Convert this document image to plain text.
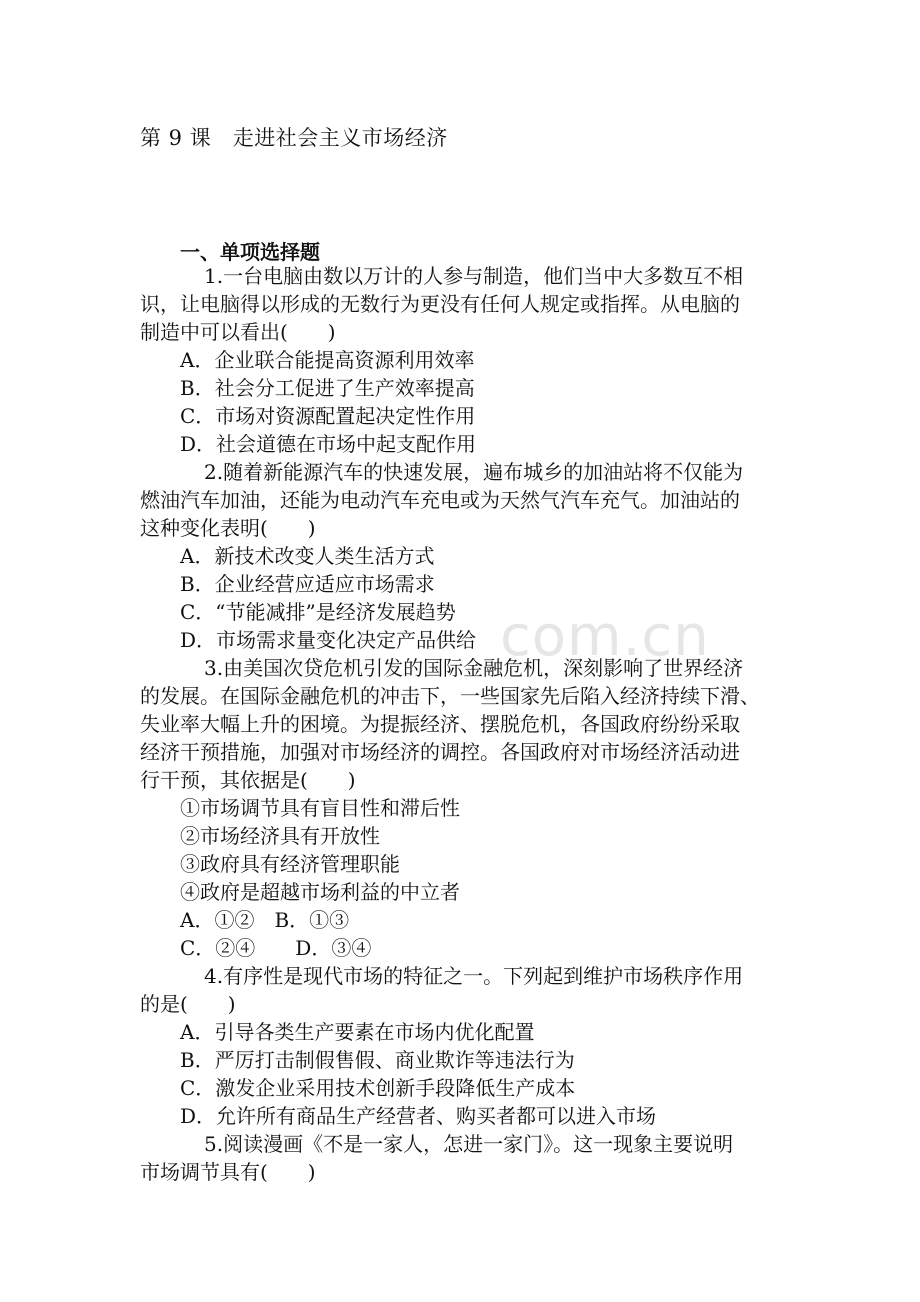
com.cn
第 9 课　走进社会主义市场经济
一、单项选择题
1.一台电脑由数以万计的人参与制造，他们当中大多数互不相
识，让电脑得以形成的无数行为更没有任何人规定或指挥。从电脑的
制造中可以看出(　　)
A．企业联合能提高资源利用效率
B．社会分工促进了生产效率提高
C．市场对资源配置起决定性作用
D．社会道德在市场中起支配作用
2.随着新能源汽车的快速发展，遍布城乡的加油站将不仅能为
燃油汽车加油，还能为电动汽车充电或为天然气汽车充气。加油站的
这种变化表明(　　)
A．新技术改变人类生活方式
B．企业经营应适应市场需求
C．“节能减排”是经济发展趋势
D．市场需求量变化决定产品供给
3.由美国次贷危机引发的国际金融危机，深刻影响了世界经济
的发展。在国际金融危机的冲击下，一些国家先后陷入经济持续下滑、
失业率大幅上升的困境。为提振经济、摆脱危机，各国政府纷纷采取
经济干预措施，加强对市场经济的调控。各国政府对市场经济活动进
行干预，其依据是(　　)
①市场调节具有盲目性和滞后性
②市场经济具有开放性
③政府具有经济管理职能
④政府是超越市场利益的中立者
A．①②　B．①③
C．②④　　D．③④
4.有序性是现代市场的特征之一。下列起到维护市场秩序作用
的是(　　)
A．引导各类生产要素在市场内优化配置
B．严厉打击制假售假、商业欺诈等违法行为
C．激发企业采用技术创新手段降低生产成本
D．允许所有商品生产经营者、购买者都可以进入市场
5.阅读漫画《不是一家人，怎进一家门》。这一现象主要说明
市场调节具有(　　)
